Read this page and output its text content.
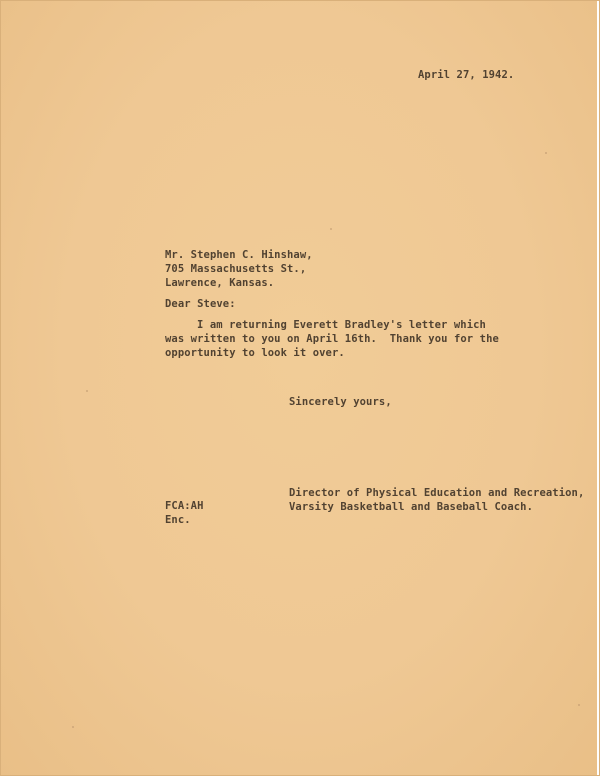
April 27, 1942.
Mr. Stephen C. Hinshaw,
705 Massachusetts St.,
Lawrence, Kansas.
Dear Steve:
I am returning Everett Bradley's letter which
was written to you on April 16th.  Thank you for the
opportunity to look it over.
Sincerely yours,
Director of Physical Education and Recreation,
Varsity Basketball and Baseball Coach.
FCA:AH
Enc.
